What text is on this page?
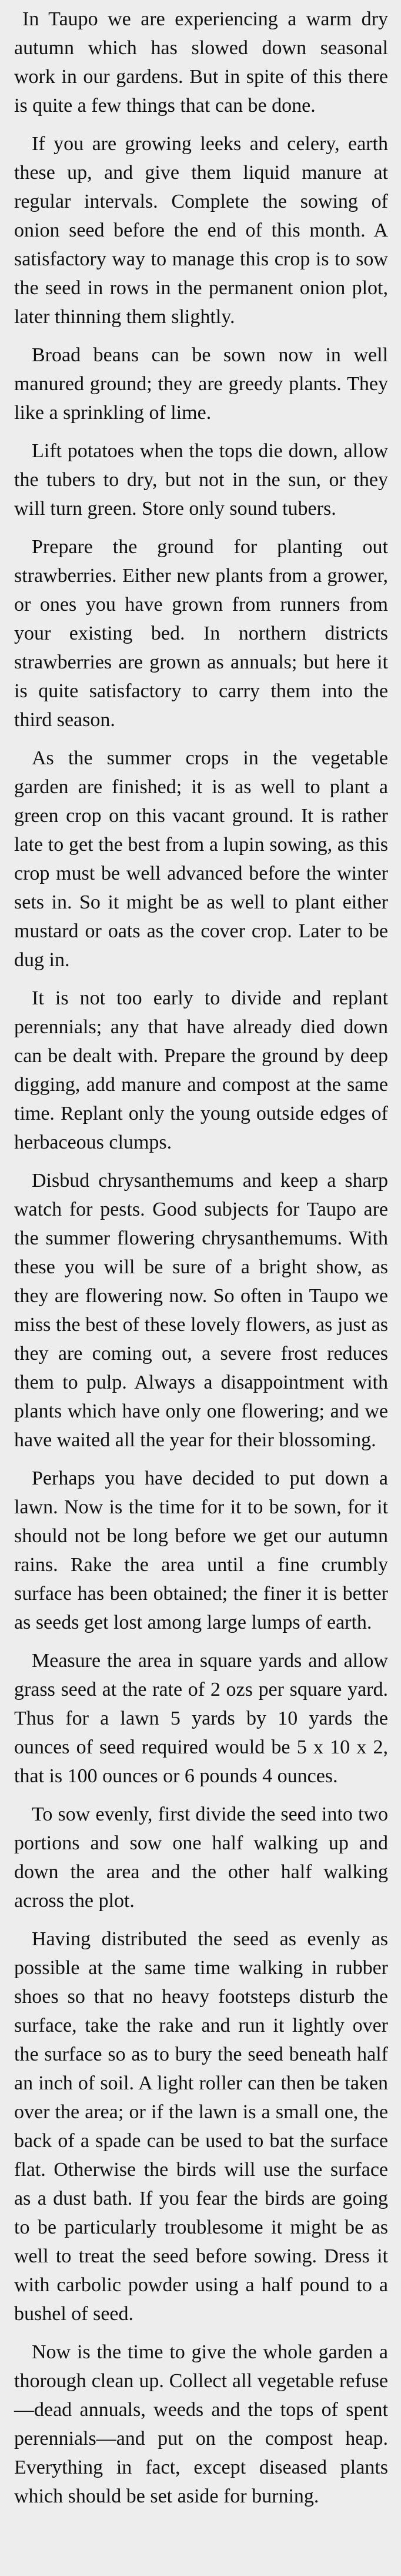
In Taupo we are experiencing a warm dry autumn which has slowed down seasonal work in our gardens. But in spite of this there is quite a few things that can be done.

If you are growing leeks and celery, earth these up, and give them liquid manure at regular intervals. Complete the sowing of onion seed before the end of this month. A satisfactory way to manage this crop is to sow the seed in rows in the permanent onion plot, later thinning them slightly.

Broad beans can be sown now in well manured ground; they are greedy plants. They like a sprinkling of lime.

Lift potatoes when the tops die down, allow the tubers to dry, but not in the sun, or they will turn green. Store only sound tubers.

Prepare the ground for planting out strawberries. Either new plants from a grower, or ones you have grown from runners from your existing bed. In northern districts strawberries are grown as annuals; but here it is quite satisfactory to carry them into the third season.

As the summer crops in the vegetable garden are finished; it is as well to plant a green crop on this vacant ground. It is rather late to get the best from a lupin sowing, as this crop must be well advanced before the winter sets in. So it might be as well to plant either mustard or oats as the cover crop. Later to be dug in.

It is not too early to divide and replant perennials; any that have already died down can be dealt with. Prepare the ground by deep digging, add manure and compost at the same time. Replant only the young outside edges of herbaceous clumps.

Disbud chrysanthemums and keep a sharp watch for pests. Good subjects for Taupo are the summer flowering chrysanthemums. With these you will be sure of a bright show, as they are flowering now. So often in Taupo we miss the best of these lovely flowers, as just as they are coming out, a severe frost reduces them to pulp. Always a disappointment with plants which have only one flowering; and we have waited all the year for their blossoming.

Perhaps you have decided to put down a lawn. Now is the time for it to be sown, for it should not be long before we get our autumn rains. Rake the area until a fine crumbly surface has been obtained; the finer it is better as seeds get lost among large lumps of earth.

Measure the area in square yards and allow grass seed at the rate of 2 ozs per square yard. Thus for a lawn 5 yards by 10 yards the ounces of seed required would be 5 x 10 x 2, that is 100 ounces or 6 pounds 4 ounces.

To sow evenly, first divide the seed into two portions and sow one half walking up and down the area and the other half walking across the plot.

Having distributed the seed as evenly as possible at the same time walking in rubber shoes so that no heavy footsteps disturb the surface, take the rake and run it lightly over the surface so as to bury the seed beneath half an inch of soil. A light roller can then be taken over the area; or if the lawn is a small one, the back of a spade can be used to bat the surface flat. Otherwise the birds will use the surface as a dust bath. If you fear the birds are going to be particularly troublesome it might be as well to treat the seed before sowing. Dress it with carbolic powder using a half pound to a bushel of seed.

Now is the time to give the whole garden a thorough clean up. Collect all vegetable refuse—dead annuals, weeds and the tops of spent perennials—and put on the compost heap. Everything in fact, except diseased plants which should be set aside for burning.
